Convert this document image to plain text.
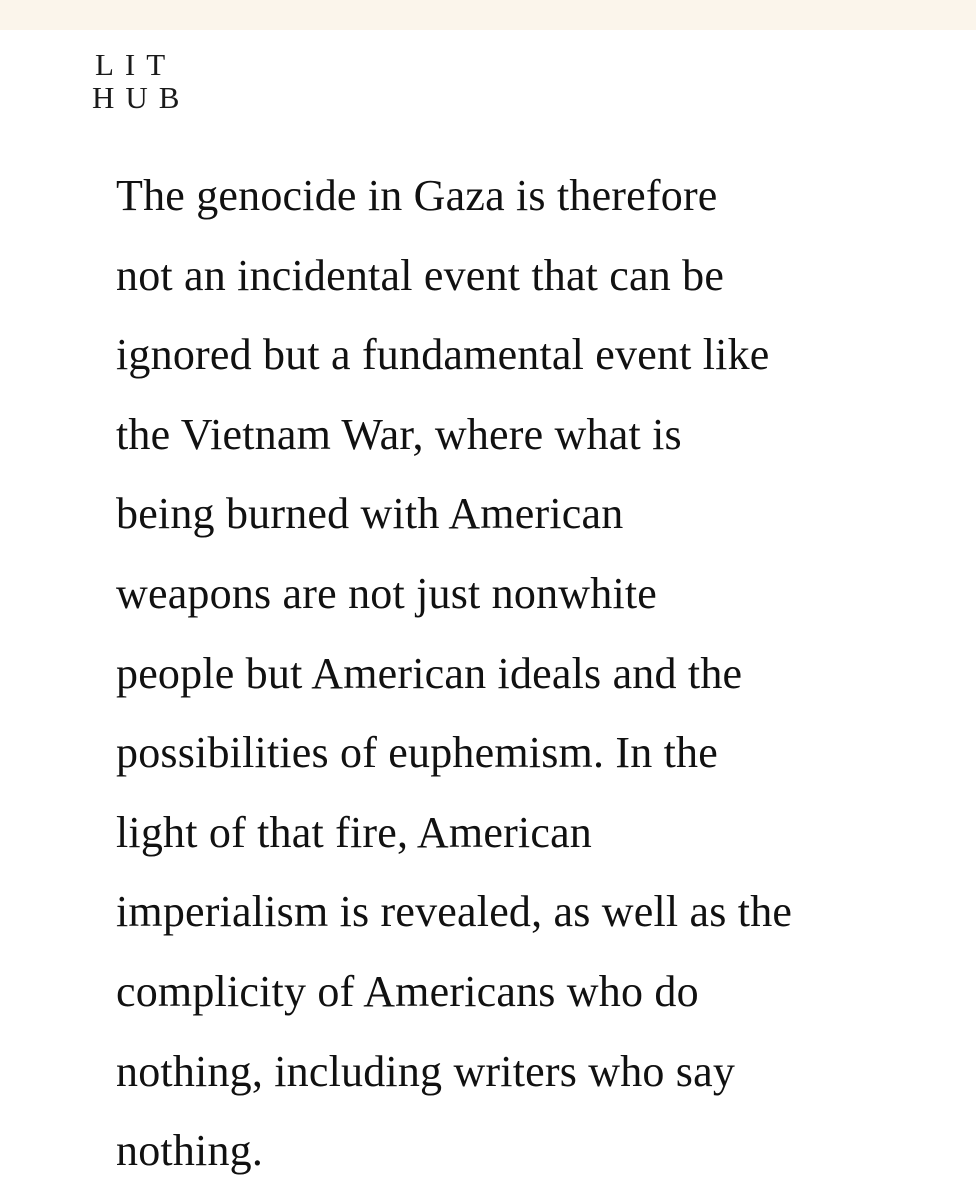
LIT
HUB
The genocide in Gaza is therefore
not an incidental event that can be
ignored but a fundamental event like
the Vietnam War, where what is
being burned with American
weapons are not just nonwhite
people but American ideals and the
possibilities of euphemism. In the
light of that fire, American
imperialism is revealed, as well as the
complicity of Americans who do
nothing, including writers who say
nothing.
